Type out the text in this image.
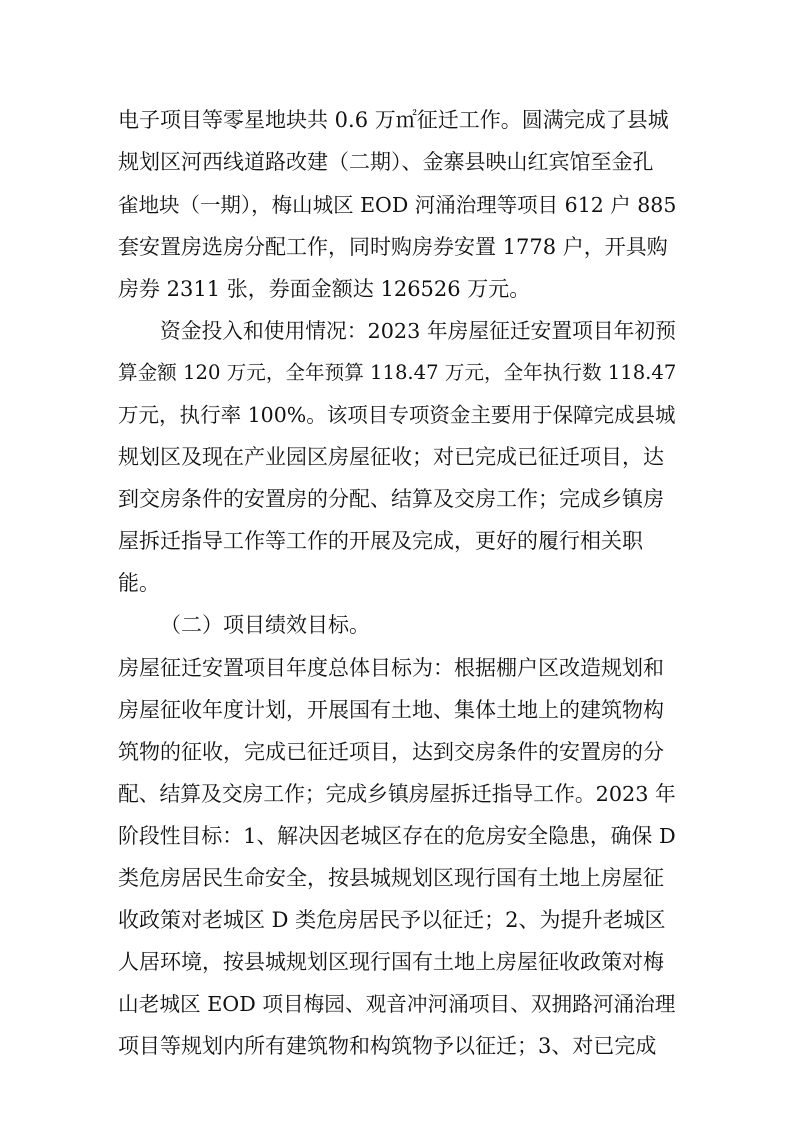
电子项目等零星地块共 0.6 万㎡征迁工作。圆满完成了县城
规划区河西线道路改建（二期）、金寨县映山红宾馆至金孔
雀地块（一期），梅山城区 EOD 河涌治理等项目 612 户 885
套安置房选房分配工作，同时购房券安置 1778 户，开具购
房券 2311 张，券面金额达 126526 万元。
资金投入和使用情况：2023 年房屋征迁安置项目年初预
算金额 120 万元，全年预算 118.47 万元，全年执行数 118.47
万元，执行率 100%。该项目专项资金主要用于保障完成县城
规划区及现在产业园区房屋征收；对已完成已征迁项目，达
到交房条件的安置房的分配、结算及交房工作；完成乡镇房
屋拆迁指导工作等工作的开展及完成，更好的履行相关职
能。
（二）项目绩效目标。
房屋征迁安置项目年度总体目标为：根据棚户区改造规划和
房屋征收年度计划，开展国有土地、集体土地上的建筑物构
筑物的征收，完成已征迁项目，达到交房条件的安置房的分
配、结算及交房工作；完成乡镇房屋拆迁指导工作。2023 年
阶段性目标：1、解决因老城区存在的危房安全隐患，确保 D
类危房居民生命安全，按县城规划区现行国有土地上房屋征
收政策对老城区 D 类危房居民予以征迁；2、为提升老城区
人居环境，按县城规划区现行国有土地上房屋征收政策对梅
山老城区 EOD 项目梅园、观音冲河涌项目、双拥路河涌治理
项目等规划内所有建筑物和构筑物予以征迁；3、对已完成
